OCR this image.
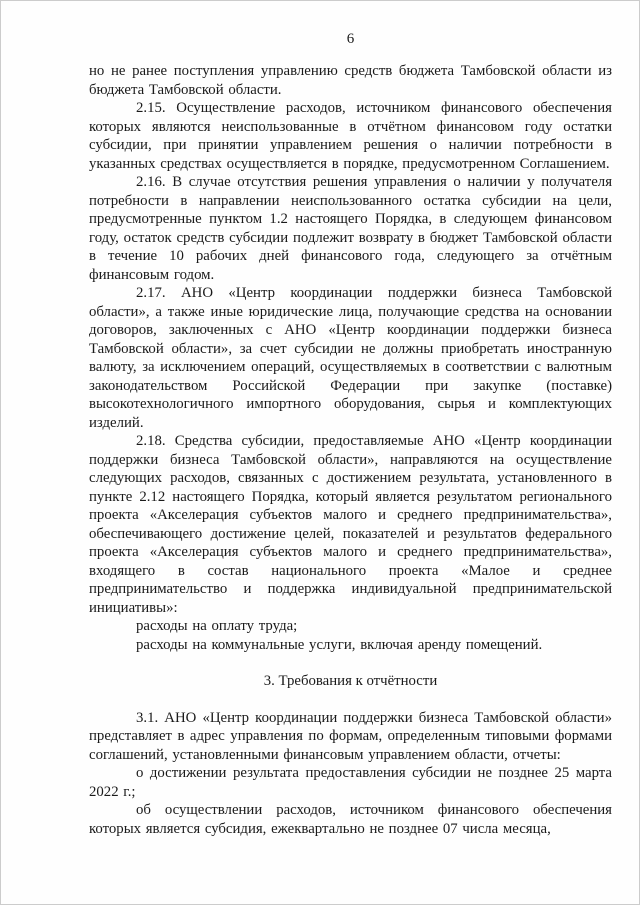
6

но не ранее поступления управлению средств бюджета Тамбовской области из бюджета Тамбовской области.

2.15. Осуществление расходов, источником финансового обеспечения которых являются неиспользованные в отчётном финансовом году остатки субсидии, при принятии управлением решения о наличии потребности в указанных средствах осуществляется в порядке, предусмотренном Соглашением.

2.16. В случае отсутствия решения управления о наличии у получателя потребности в направлении неиспользованного остатка субсидии на цели, предусмотренные пунктом 1.2 настоящего Порядка, в следующем финансовом году, остаток средств субсидии подлежит возврату в бюджет Тамбовской области в течение 10 рабочих дней финансового года, следующего за отчётным финансовым годом.

2.17. АНО «Центр координации поддержки бизнеса Тамбовской области», а также иные юридические лица, получающие средства на основании договоров, заключенных с АНО «Центр координации поддержки бизнеса Тамбовской области», за счет субсидии не должны приобретать иностранную валюту, за исключением операций, осуществляемых в соответствии с валютным законодательством Российской Федерации при закупке (поставке) высокотехнологичного импортного оборудования, сырья и комплектующих изделий.

2.18. Средства субсидии, предоставляемые АНО «Центр координации поддержки бизнеса Тамбовской области», направляются на осуществление следующих расходов, связанных с достижением результата, установленного в пункте 2.12 настоящего Порядка, который является результатом регионального проекта «Акселерация субъектов малого и среднего предпринимательства», обеспечивающего достижение целей, показателей и результатов федерального проекта «Акселерация субъектов малого и среднего предпринимательства», входящего в состав национального проекта «Малое и среднее предпринимательство и поддержка индивидуальной предпринимательской инициативы»:

расходы на оплату труда;

расходы на коммунальные услуги, включая аренду помещений.

3. Требования к отчётности

3.1. АНО «Центр координации поддержки бизнеса Тамбовской области» представляет в адрес управления по формам, определенным типовыми формами соглашений, установленными финансовым управлением области, отчеты:

о достижении результата предоставления субсидии не позднее 25 марта 2022 г.;

об осуществлении расходов, источником финансового обеспечения которых является субсидия, ежеквартально не позднее 07 числа месяца,
